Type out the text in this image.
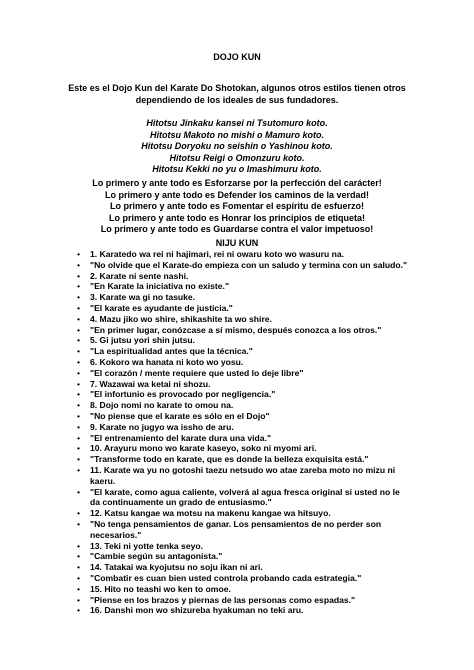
DOJO KUN
Este es el Dojo Kun del Karate Do Shotokan, algunos otros estilos tienen otros
dependiendo de los ideales de sus fundadores.
Hitotsu Jinkaku kansei ni Tsutomuro koto.
Hitotsu Makoto no mishi o Mamuro koto.
Hitotsu Doryoku no seishin o Yashinou koto.
Hitotsu Reigi o Omonzuru koto.
Hitotsu Kekki no yu o Imashimuru koto.
Lo primero y ante todo es Esforzarse por la perfección del carácter!
Lo primero y ante todo es Defender los caminos de la verdad!
Lo primero y ante todo es Fomentar el espíritu de esfuerzo!
Lo primero y ante todo es Honrar los principios de etiqueta!
Lo primero y ante todo es Guardarse contra el valor impetuoso!
NIJU KUN
• 1. Karatedo wa rei ni hajimari, rei ni owaru koto wo wasuru na.
• "No olvide que el Karate-do empieza con un saludo y termina con un saludo."
• 2. Karate ni sente nashi.
• "En Karate la iniciativa no existe."
• 3. Karate wa gi no tasuke.
• "El karate es ayudante de justicia."
• 4. Mazu jiko wo shire, shikashite ta wo shire.
• "En primer lugar, conózcase a sí mismo, después conozca a los otros."
• 5. Gi jutsu yori shin jutsu.
• "La espiritualidad antes que la técnica."
• 6. Kokoro wa hanata ni koto wo yosu.
• "El corazón / mente requiere que usted lo deje libre"
• 7. Wazawai wa ketai ni shozu.
• "El infortunio es provocado por negligencia."
• 8. Dojo nomi no karate to omou na.
• "No piense que el karate es sólo en el Dojo"
• 9. Karate no jugyo wa issho de aru.
• "El entrenamiento del karate dura una vida."
• 10. Arayuru mono wo karate kaseyo, soko ni myomi ari.
• "Transforme todo en karate, que es donde la belleza exquisita está."
• 11. Karate wa yu no gotoshi taezu netsudo wo atae zareba moto no mizu ni kaeru.
• "El karate, como agua caliente, volverá al agua fresca original si usted no le da continuamente un grado de entusiasmo."
• 12. Katsu kangae wa motsu na makenu kangae wa hitsuyo.
• "No tenga pensamientos de ganar. Los pensamientos de no perder son necesarios."
• 13. Teki ni yotte tenka seyo.
• "Cambie según su antagonista."
• 14. Tatakai wa kyojutsu no soju ikan ni ari.
• "Combatir es cuan bien usted controla probando cada estrategia."
• 15. Hito no teashi wo ken to omoe.
• "Piense en los brazos y piernas de las personas como espadas."
• 16. Danshi mon wo shizureba hyakuman no teki aru.
